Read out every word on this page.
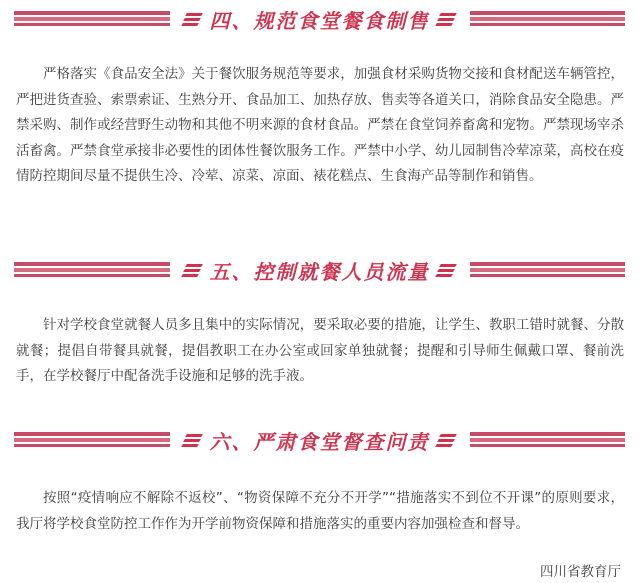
四、规范食堂餐食制售

严格落实《食品安全法》关于餐饮服务规范等要求，加强食材采购货物交接和食材配送车辆管控，严把进货查验、索票索证、生熟分开、食品加工、加热存放、售卖等各道关口，消除食品安全隐患。严禁采购、制作或经营野生动物和其他不明来源的食材食品。严禁在食堂饲养畜禽和宠物。严禁现场宰杀活畜禽。严禁食堂承接非必要性的团体性餐饮服务工作。严禁中小学、幼儿园制售冷荤凉菜，高校在疫情防控期间尽量不提供生冷、冷荤、凉菜、凉面、裱花糕点、生食海产品等制作和销售。

五、控制就餐人员流量

针对学校食堂就餐人员多且集中的实际情况，要采取必要的措施，让学生、教职工错时就餐、分散就餐；提倡自带餐具就餐，提倡教职工在办公室或回家单独就餐；提醒和引导师生佩戴口罩、餐前洗手，在学校餐厅中配备洗手设施和足够的洗手液。

六、严肃食堂督查问责

按照“疫情响应不解除不返校”、“物资保障不充分不开学”“措施落实不到位不开课”的原则要求，我厅将学校食堂防控工作作为开学前物资保障和措施落实的重要内容加强检查和督导。

四川省教育厅
